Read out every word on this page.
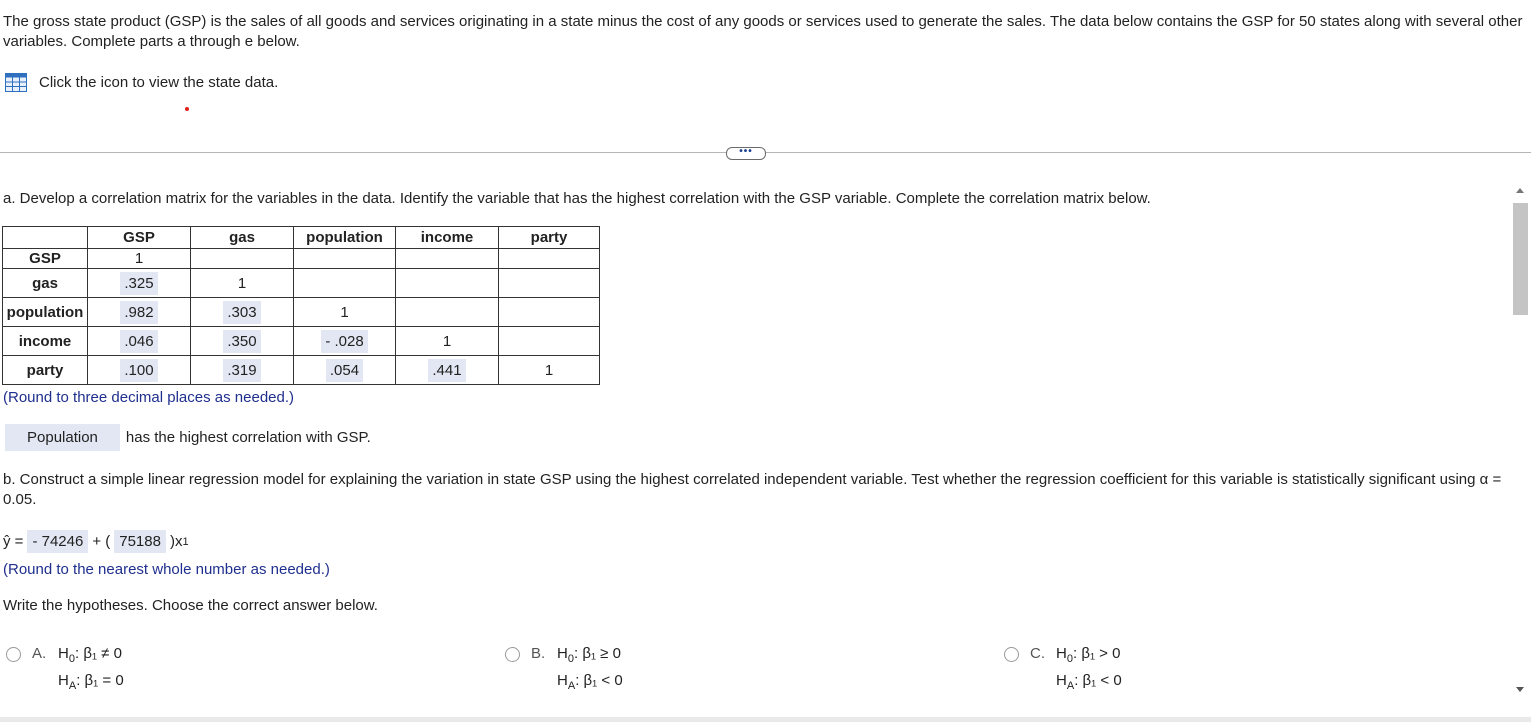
The gross state product (GSP) is the sales of all goods and services originating in a state minus the cost of any goods or services used to generate the sales. The data below contains the GSP for 50 states along with several other variables. Complete parts a through e below.
Click the icon to view the state data.
•••
a. Develop a correlation matrix for the variables in the data. Identify the variable that has the highest correlation with the GSP variable. Complete the correlation matrix below.
	GSP	gas	population	income	party
GSP	1				
gas	.325	1			
population	.982	.303	1		
income	.046	.350	- .028	1	
party	.100	.319	.054	.441	1
(Round to three decimal places as needed.)
Population	has the highest correlation with GSP.
b. Construct a simple linear regression model for explaining the variation in state GSP using the highest correlated independent variable. Test whether the regression coefficient for this variable is statistically significant using α = 0.05.
ŷ = - 74246 + ( 75188 )x 1
(Round to the nearest whole number as needed.)
Write the hypotheses. Choose the correct answer below.
A. $H_0$: β₁ ≠ 0
$H_A$: β₁ = 0
B. $H_0$: β₁ ≥ 0
$H_A$: β₁ < 0
C. $H_0$: β₁ > 0
$H_A$: β₁ < 0
